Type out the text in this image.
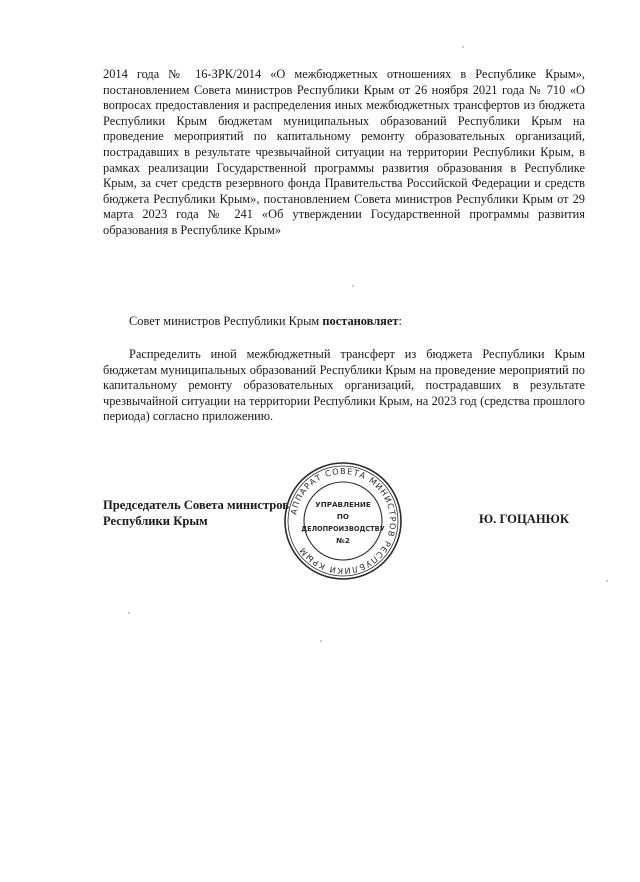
2014 года № 16-ЗРК/2014 «О межбюджетных отношениях в Республике Крым», постановлением Совета министров Республики Крым от 26 ноября 2021 года № 710 «О вопросах предоставления и распределения иных межбюджетных трансфертов из бюджета Республики Крым бюджетам муниципальных образований Республики Крым на проведение мероприятий по капитальному ремонту образовательных организаций, пострадавших в результате чрезвычайной ситуации на территории Республики Крым, в рамках реализации Государственной программы развития образования в Республике Крым, за счет средств резервного фонда Правительства Российской Федерации и средств бюджета Республики Крым», постановлением Совета министров Республики Крым от 29 марта 2023 года № 241 «Об утверждении Государственной программы развития образования в Республике Крым»

Совет министров Республики Крым постановляет:

Распределить иной межбюджетный трансферт из бюджета Республики Крым бюджетам муниципальных образований Республики Крым на проведение мероприятий по капитальному ремонту образовательных организаций, пострадавших в результате чрезвычайной ситуации на территории Республики Крым, на 2023 год (средства прошлого периода) согласно приложению.

Председатель Совета министров
Республики Крым	Ю. ГОЦАНЮК
АППАРАТ СОВЕТА МИНИСТРОВ РЕСПУБЛИКИ КРЫМ
УПРАВЛЕНИЕ
ПО
ДЕЛОПРОИЗВОДСТВУ
№2
